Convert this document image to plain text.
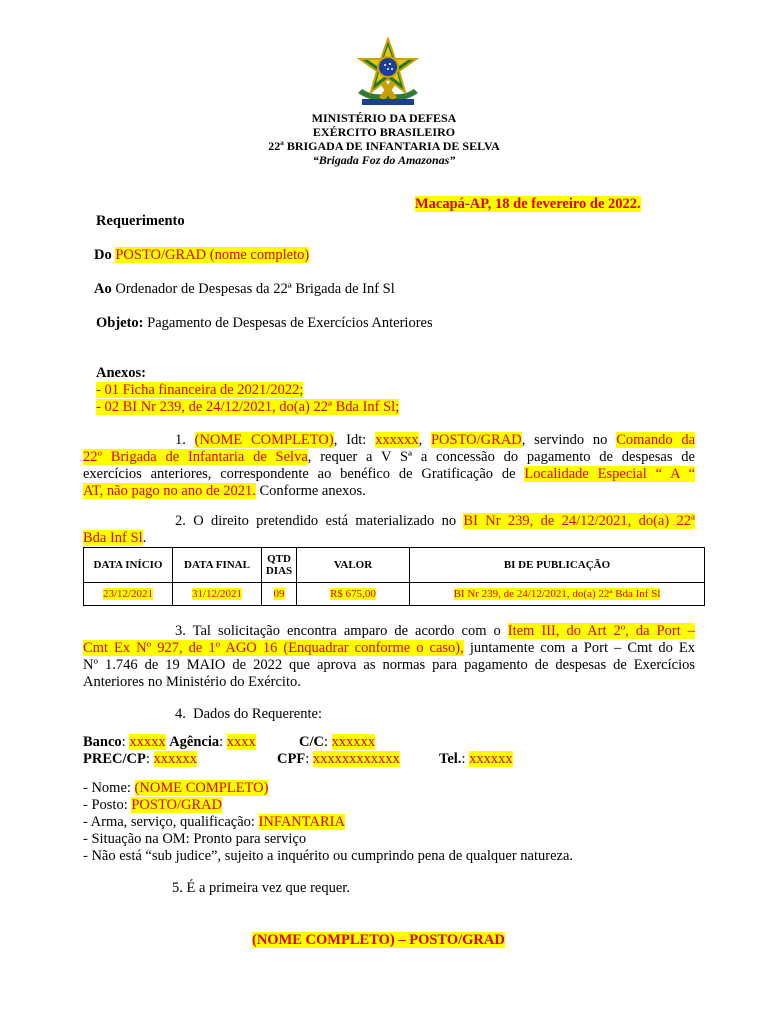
MINISTÉRIO DA DEFESA
EXÉRCITO BRASILEIRO
22ª BRIGADA DE INFANTARIA DE SELVA
“Brigada Foz do Amazonas”
Macapá-AP, 18 de fevereiro de 2022.
Requerimento
Do POSTO/GRAD (nome completo)
Ao Ordenador de Despesas da 22ª Brigada de Inf Sl
Objeto: Pagamento de Despesas de Exercícios Anteriores
Anexos:
- 01 Ficha financeira de 2021/2022;
- 02 BI Nr 239, de 24/12/2021, do(a) 22ª Bda Inf Sl;
1. (NOME COMPLETO), Idt: xxxxxx, POSTO/GRAD, servindo no Comando da
22º Brigada de Infantaria de Selva, requer a V Sª a concessão do pagamento de despesas de
exercícios anteriores, correspondente ao benéfico de Gratificação de Localidade Especial “ A “
AT, não pago no ano de 2021. Conforme anexos.
2. O direito pretendido está materializado no BI Nr 239, de 24/12/2021, do(a) 22ª
Bda Inf Sl.
DATA INÍCIO	DATA FINAL	QTD DIAS	VALOR	BI DE PUBLICAÇÃO
23/12/2021	31/12/2021	09	R$ 675,00	BI Nr 239, de 24/12/2021, do(a) 22ª Bda Inf Sl
3. Tal solicitação encontra amparo de acordo com o Item III, do Art 2º, da Port –
Cmt Ex Nº 927, de 1º AGO 16 (Enquadrar conforme o caso), juntamente com a Port – Cmt do Ex
Nº 1.746 de 19 MAIO de 2022 que aprova as normas para pagamento de despesas de Exercícios
Anteriores no Ministério do Exército.
4. Dados do Requerente:
Banco: xxxxx Agência: xxxx	C/C: xxxxxx
PREC/CP: xxxxxx	CPF: xxxxxxxxxxxx	Tel.: xxxxxx
- Nome: (NOME COMPLETO)
- Posto: POSTO/GRAD
- Arma, serviço, qualificação: INFANTARIA
- Situação na OM: Pronto para serviço
- Não está “sub judice”, sujeito a inquérito ou cumprindo pena de qualquer natureza.
5. É a primeira vez que requer.
(NOME COMPLETO) – POSTO/GRAD
